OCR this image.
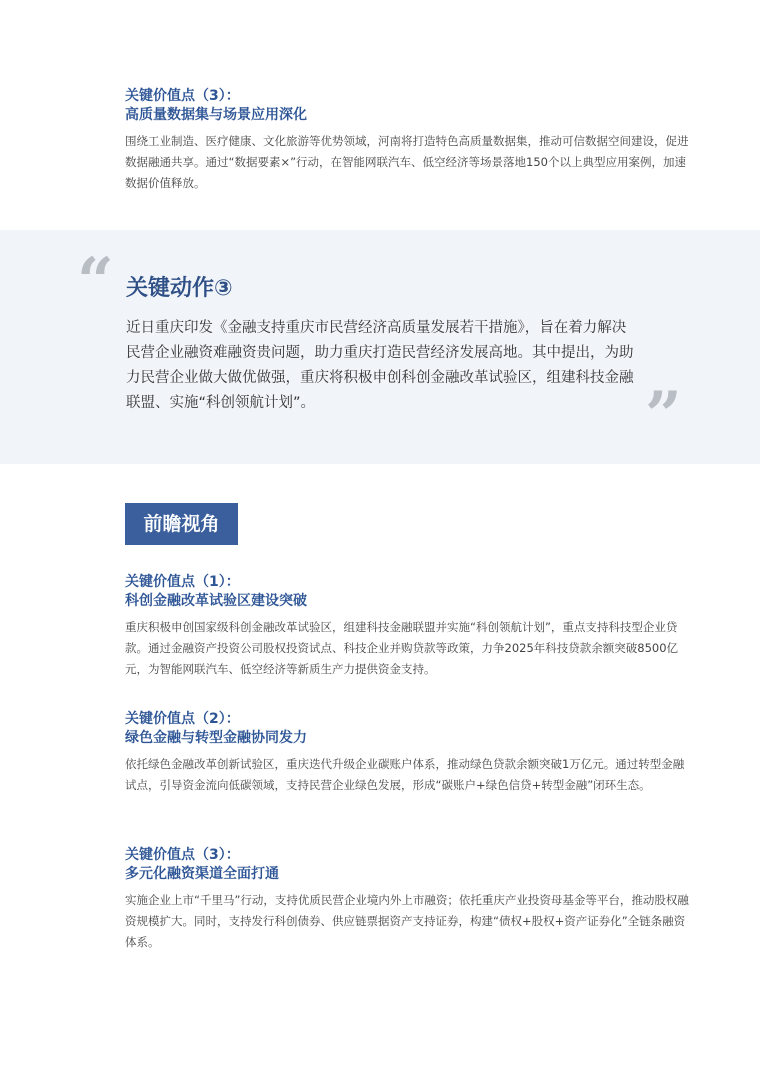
关键价值点（3）：

高质量数据集与场景应用深化

围绕工业制造、医疗健康、文化旅游等优势领域，河南将打造特色高质量数据集，推动可信数据空间建设，促进数据融通共享。通过“数据要素×”行动，在智能网联汽车、低空经济等场景落地150个以上典型应用案例，加速数据价值释放。

“ 关键动作③

近日重庆印发《金融支持重庆市民营经济高质量发展若干措施》，旨在着力解决民营企业融资难融资贵问题，助力重庆打造民营经济发展高地。其中提出，为助力民营企业做大做优做强，重庆将积极申创科创金融改革试验区，组建科技金融联盟、实施“科创领航计划”。	”
前瞻视角

关键价值点（1）：

科创金融改革试验区建设突破

重庆积极申创国家级科创金融改革试验区，组建科技金融联盟并实施“科创领航计划”，重点支持科技型企业贷款。通过金融资产投资公司股权投资试点、科技企业并购贷款等政策，力争2025年科技贷款余额突破8500亿元，为智能网联汽车、低空经济等新质生产力提供资金支持。

关键价值点（2）：

绿色金融与转型金融协同发力

依托绿色金融改革创新试验区，重庆迭代升级企业碳账户体系，推动绿色贷款余额突破1万亿元。通过转型金融试点，引导资金流向低碳领域，支持民营企业绿色发展，形成“碳账户+绿色信贷+转型金融”闭环生态。

关键价值点（3）：

多元化融资渠道全面打通

实施企业上市“千里马”行动，支持优质民营企业境内外上市融资；依托重庆产业投资母基金等平台，推动股权融资规模扩大。同时，支持发行科创债券、供应链票据资产支持证券，构建“债权+股权+资产证券化”全链条融资体系。
